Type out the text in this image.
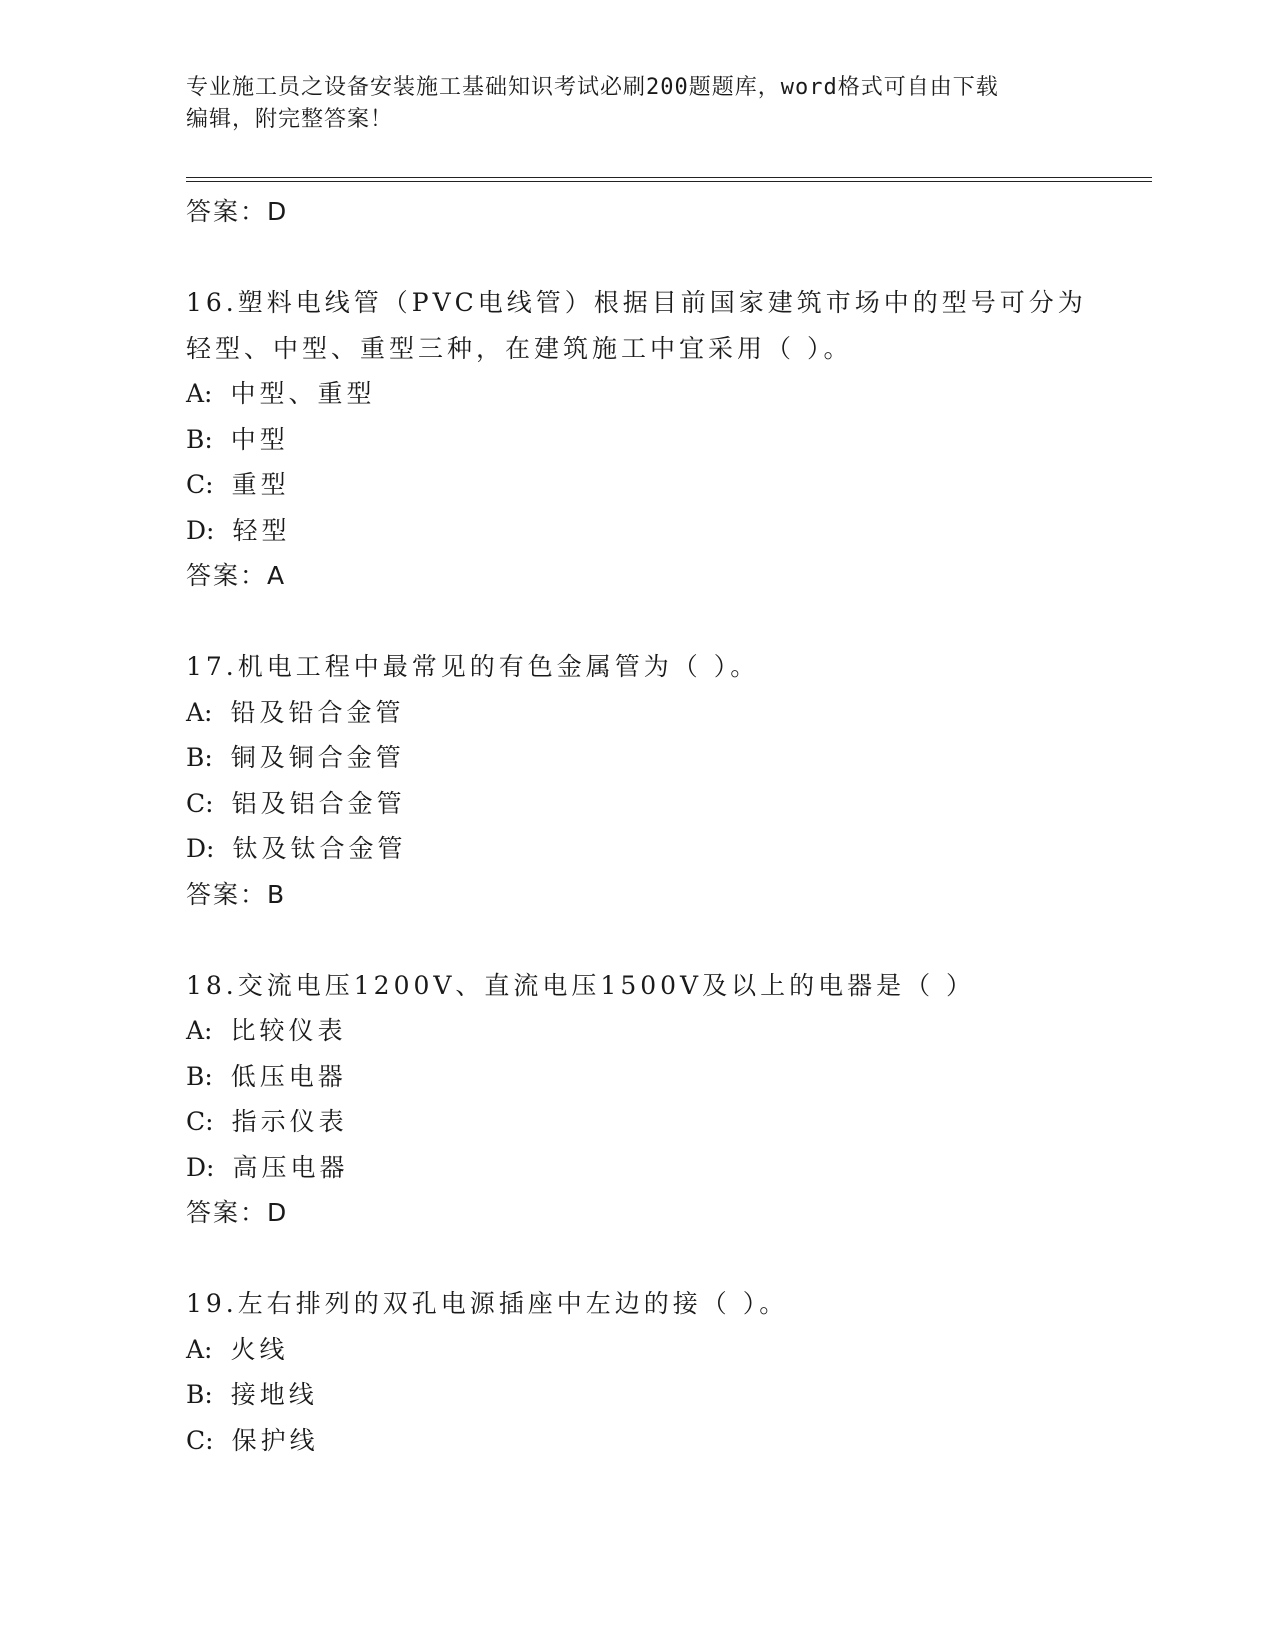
专业施工员之设备安装施工基础知识考试必刷200题题库，word格式可自由下载
编辑，附完整答案！
答案：D
16.塑料电线管（PVC电线管）根据目前国家建筑市场中的型号可分为
轻型、中型、重型三种，在建筑施工中宜采用（ ）。
A: 中型、重型
B: 中型
C: 重型
D: 轻型
答案：A
17.机电工程中最常见的有色金属管为（ ）。
A: 铅及铅合金管
B: 铜及铜合金管
C: 铝及铝合金管
D: 钛及钛合金管
答案：B
18.交流电压1200V、直流电压1500V及以上的电器是（ ）
A: 比较仪表
B: 低压电器
C: 指示仪表
D: 高压电器
答案：D
19.左右排列的双孔电源插座中左边的接（ ）。
A: 火线
B: 接地线
C: 保护线
